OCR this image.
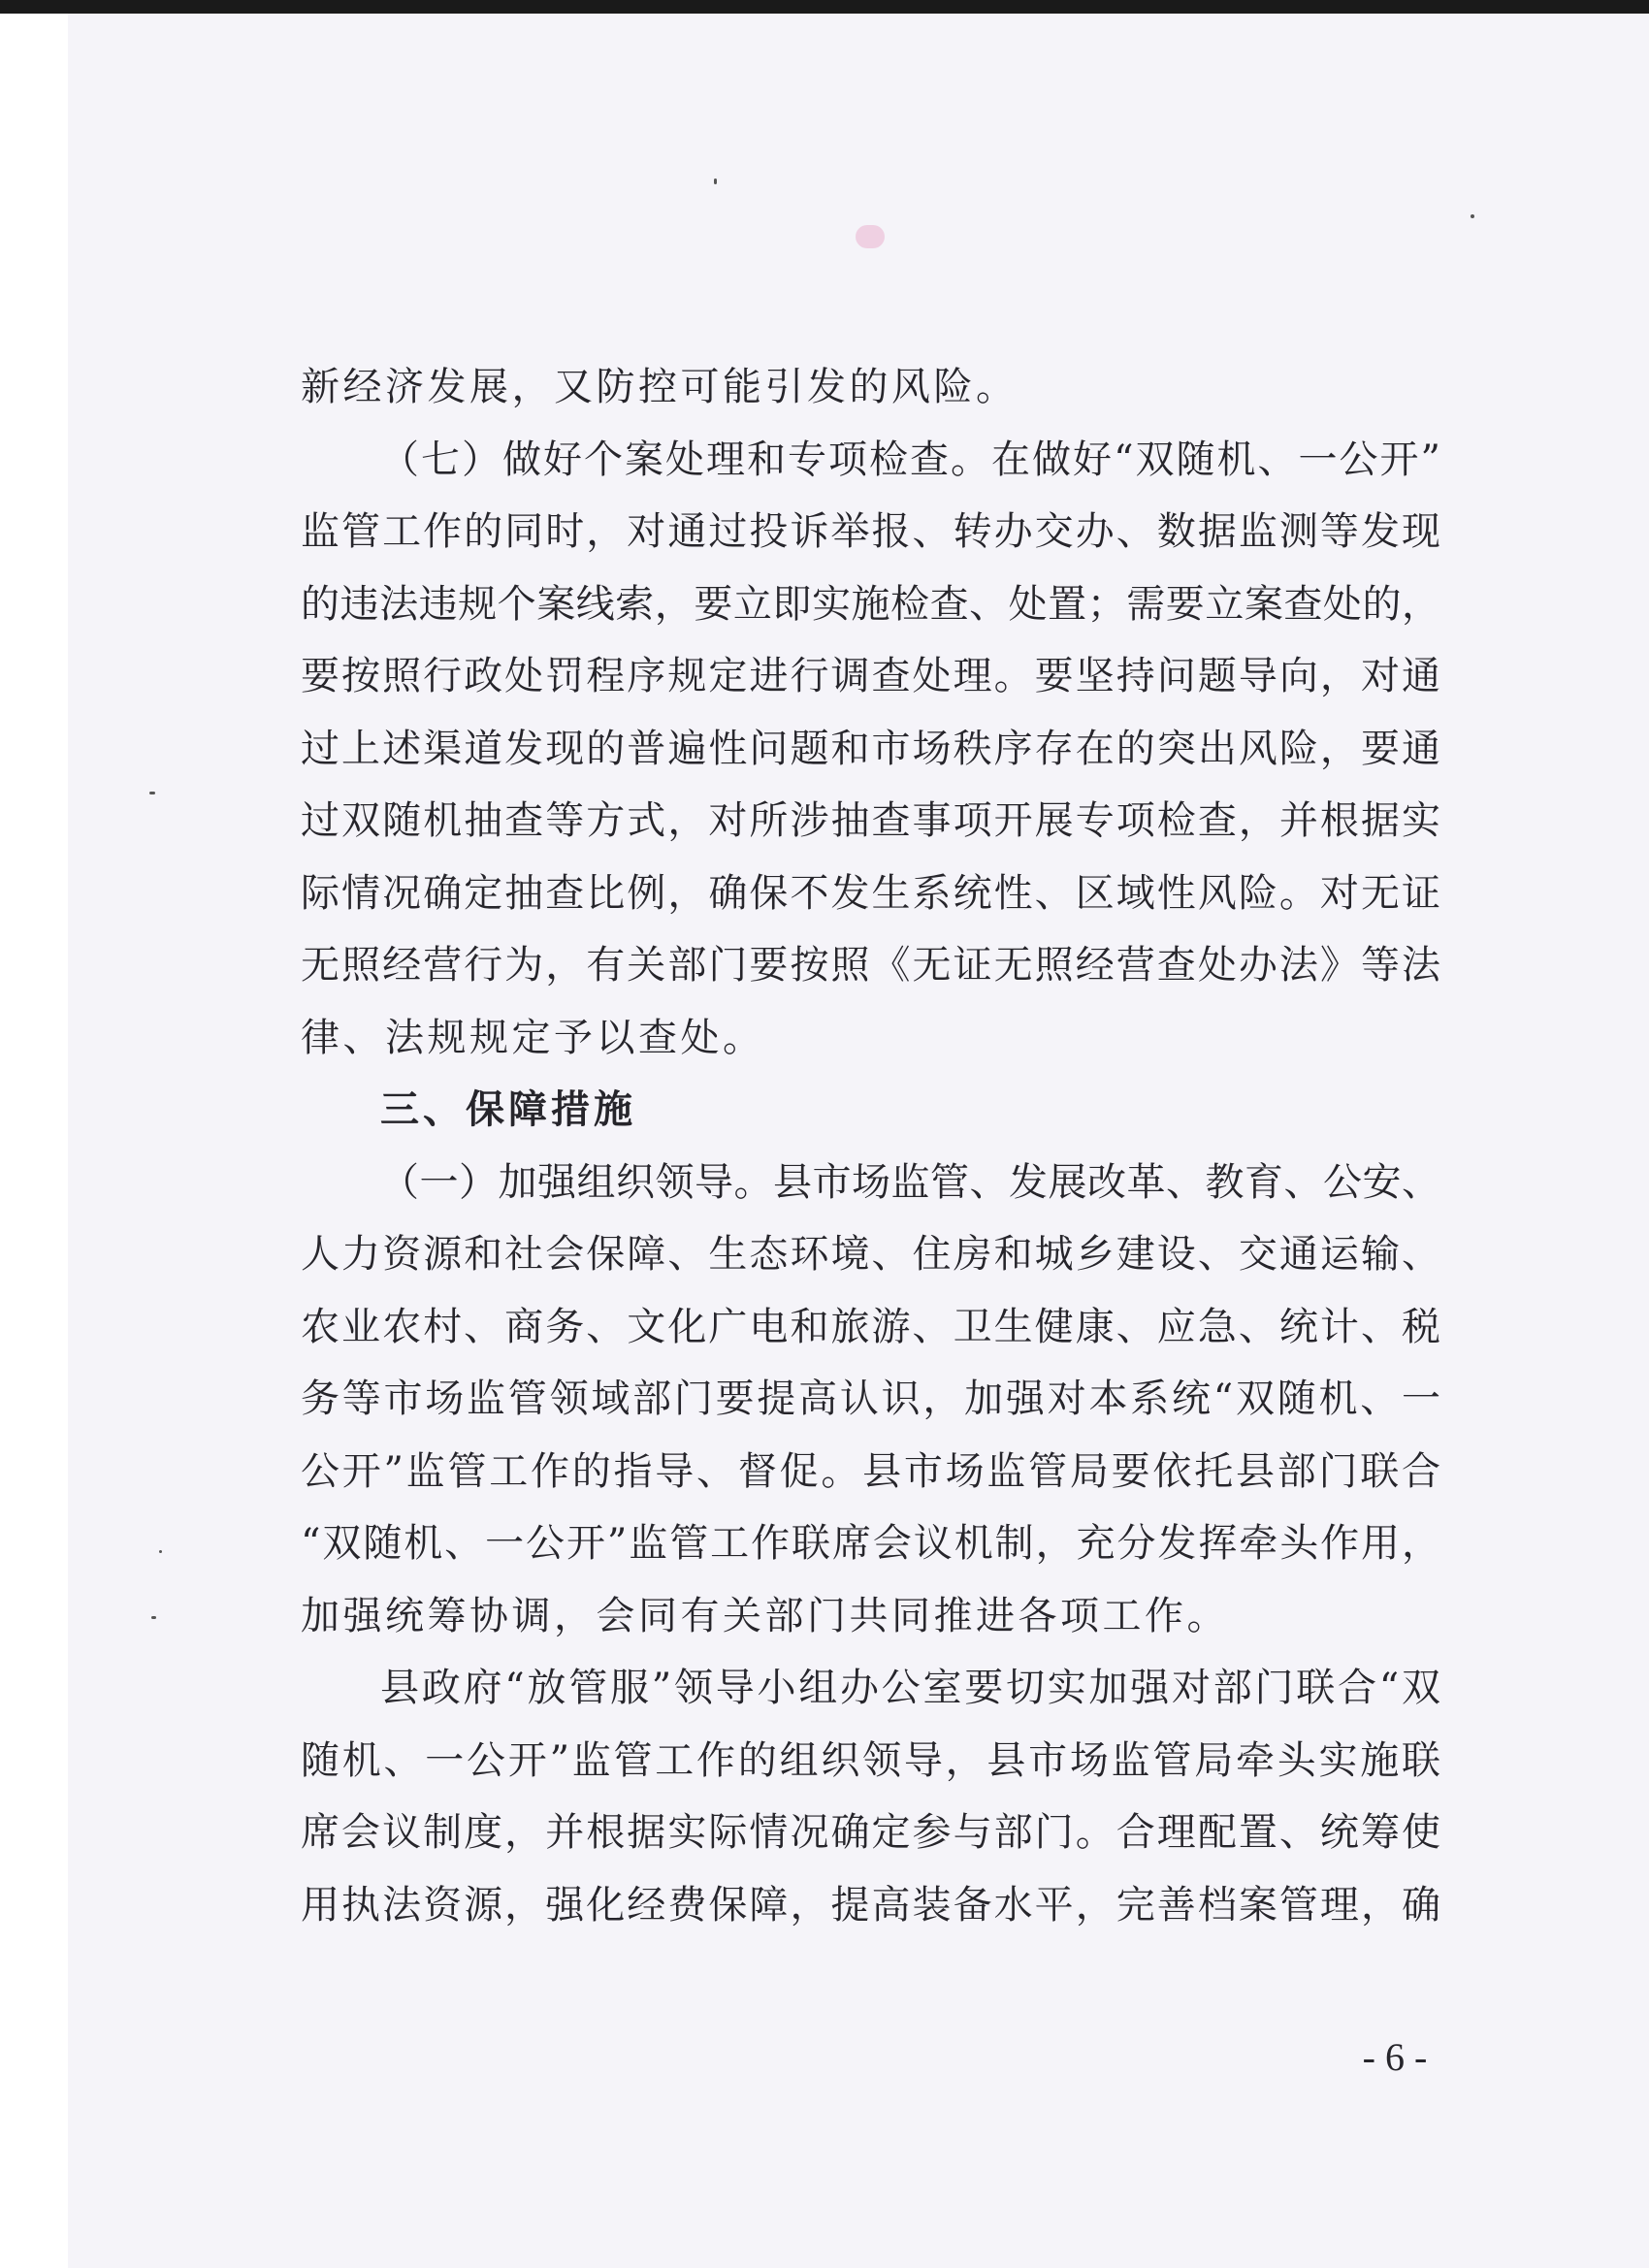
新经济发展，又防控可能引发的风险。
（七）做好个案处理和专项检查。在做好“双随机、一公开”
监管工作的同时，对通过投诉举报、转办交办、数据监测等发现
的违法违规个案线索，要立即实施检查、处置；需要立案查处的，
要按照行政处罚程序规定进行调查处理。要坚持问题导向，对通
过上述渠道发现的普遍性问题和市场秩序存在的突出风险，要通
过双随机抽查等方式，对所涉抽查事项开展专项检查，并根据实
际情况确定抽查比例，确保不发生系统性、区域性风险。对无证
无照经营行为，有关部门要按照《无证无照经营查处办法》等法
律、法规规定予以查处。
三、保障措施
（一）加强组织领导。县市场监管、发展改革、教育、公安、
人力资源和社会保障、生态环境、住房和城乡建设、交通运输、
农业农村、商务、文化广电和旅游、卫生健康、应急、统计、税
务等市场监管领域部门要提高认识，加强对本系统“双随机、一
公开”监管工作的指导、督促。县市场监管局要依托县部门联合
“双随机、一公开”监管工作联席会议机制，充分发挥牵头作用，
加强统筹协调，会同有关部门共同推进各项工作。
县政府“放管服”领导小组办公室要切实加强对部门联合“双
随机、一公开”监管工作的组织领导，县市场监管局牵头实施联
席会议制度，并根据实际情况确定参与部门。合理配置、统筹使
用执法资源，强化经费保障，提高装备水平，完善档案管理，确
- 6 -
